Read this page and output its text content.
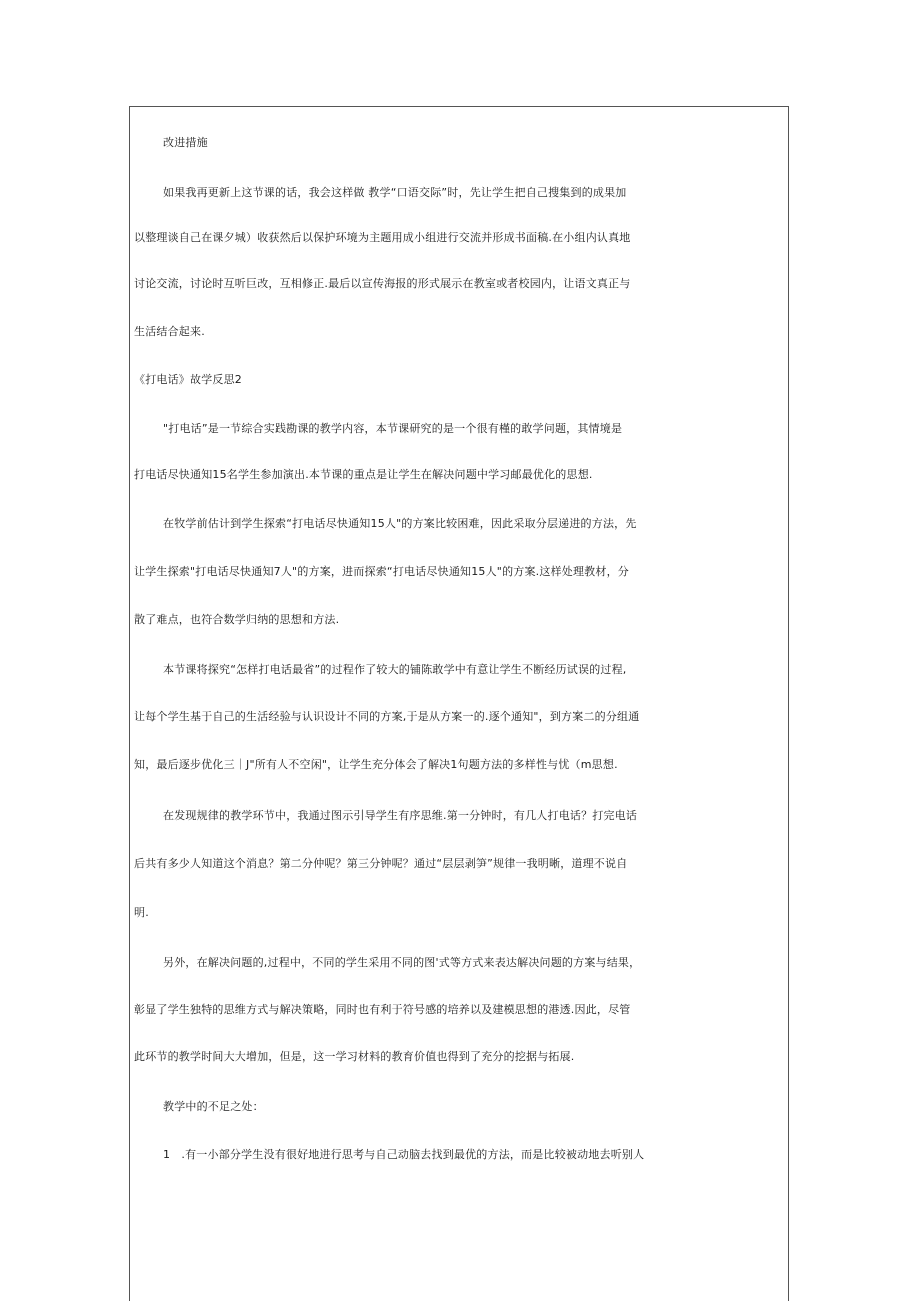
改进措施
如果我再更新上这节课的话，我会这样做 教学“口语交际”时，先让学生把自己搜集到的成果加
以整理谈自己在课夕城）收获然后以保护环境为主题用成小组进行交流并形成书面稿.在小组内认真地
讨论交流，讨论时互听巨改，互相修正.最后以宣传海报的形式展示在教室或者校园内，让语文真正与
生活结合起来.
《打电话》故学反思2
"打电话”是一节综合实践勘课的教学内容，本节课研究的是一个很有槿的敢学问题，其情境是
打电话尽快通知15名学生参加演出.本节课的重点是让学生在解决问题中学习邮最优化的思想.
在牧学前估计到学生探索“打电话尽快通知15人"的方案比较困难，因此采取分层递进的方法，先
让学生探索"打电话尽快通知7人"的方案，进而探索“打电话尽快通知15人"的方案.这样处理教材，分
散了难点，也符合数学归纳的思想和方法.
本节课将探究“怎样打电话最省”的过程作了较大的铺陈敢学中有意让学生不断经历试误的过程,
让每个学生基于自己的生活经验与认识设计不同的方案,于是从方案一的.逐个通知"，到方案二的分组通
知，最后逐步优化三｜J"所有人不空闲"，让学生充分体会了解决1句题方法的多样性与忧（m思想.
在发现规律的教学环节中，我通过图示引导学生有序思维.第一分钟时，有几人打电话？打完电话
后共有多少人知道这个消息？第二分仲呢？第三分钟呢？通过“层层剥笋”规律一我明晰，道理不说自
明.
另外，在解决问题的,过程中，不同的学生采用不同的图'式等方式来表达解决问题的方案与结果，
彰显了学生独特的思维方式与解决策略，同时也有利于符号感的培养以及建模思想的港透.因此，尽管
此环节的教学时间大大增加，但是，这一学习材料的教育价值也得到了充分的挖据与拓展.
教学中的不足之处：
1　.有一小部分学生没有很好地进行思考与自己动脑去找到最优的方法，而是比较被动地去听别人
